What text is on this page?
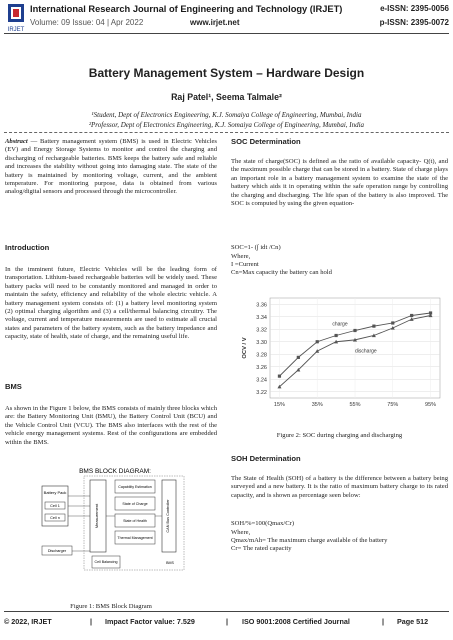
IRJET
International Research Journal of Engineering and Technology (IRJET)	e-ISSN: 2395-0056
Volume: 09 Issue: 04 | Apr 2022	www.irjet.net	p-ISSN: 2395-0072
Battery Management System – Hardware Design
Raj Patel¹, Seema Talmale²
¹Student, Dept of Electronics Engineering, K.J. Somaiya College of Engineering, Mumbai, India
²Professor, Dept of Electronics Engineering, K.J. Somaiya College of Engineering, Mumbai, India
Abstract — Battery management system (BMS) is used in Electric Vehicles (EV) and Energy Storage Systems to monitor and control the charging and discharging of rechargeable batteries. BMS keeps the battery safe and reliable and increases the stability without going into damaging state. The state of the battery is maintained by monitoring voltage, current, and the ambient temperature. For monitoring purpose, data is obtained from various analog/digital sensors and processed through the microcontroller.
Introduction
In the imminent future, Electric Vehicles will be the leading form of transportation. Lithium-based rechargeable batteries will be widely used. These battery packs will need to be constantly monitored and managed in order to maintain the safety, efficiency and reliability of the whole electric vehicle. A battery management system consists of: (1) a battery level monitoring system (2) optimal charging algorithm and (3) a cell/thermal balancing circuitry. The voltage, current and temperature measurements are used to estimate all crucial states and parameters of the battery system, such as the battery impedance and capacity, state of health, state of charge, and the remaining useful life.
BMS
As shown in the Figure 1 below, the BMS consists of mainly three blocks which are: the Battery Monitoring Unit (BMU), the Battery Control Unit (BCU) and the Vehicle Control Unit (VCU). The BMS also interfaces with the rest of the vehicle energy management systems. Rest of the configurations are embedded within the BMS.
BMS BLOCK DIAGRAM:
Battery Pack
Cell 1
Cell n	Measurement
Capability Estimation
State of Charge
State of Health
Thermal Management
CAN Bus Controller
Cell Balancing
Discharger
BMS
Figure 1: BMS Block Diagram
SOC Determination
The state of charge(SOC) is defined as the ratio of available capacity- Q(t), and the maximum possible charge that can be stored in a battery. State of charge plays an important role in a battery management system to examine the state of the battery which aids it in operating within the safe operation range by controlling the charging and discharging. The life span of the battery is also improved. The SOC is computed by using the given equation-
SOC=1- (∫ idt /Cn)
Where,
I =Current
Cn=Max capacity the battery can hold
3.22
3.24
3.26
3.28
3.30
3.32
3.34
3.36
15%	35%	55%	75%	95%
OCV / V
charge
discharge
Figure 2: SOC during charging and discharging
SOH Determination
The State of Health (SOH) of a battery is the difference between a battery being surveyed and a new battery. It is the ratio of maximum battery charge to its rated capacity, and is shown as percentage seen below:
SOH/%=100(Qmax/Cr)
Where,
Qmax/mAh= The maximum charge available of the battery
Cr= The rated capacity
© 2022, IRJET	| Impact Factor value: 7.529	| ISO 9001:2008 Certified Journal	| Page 512
